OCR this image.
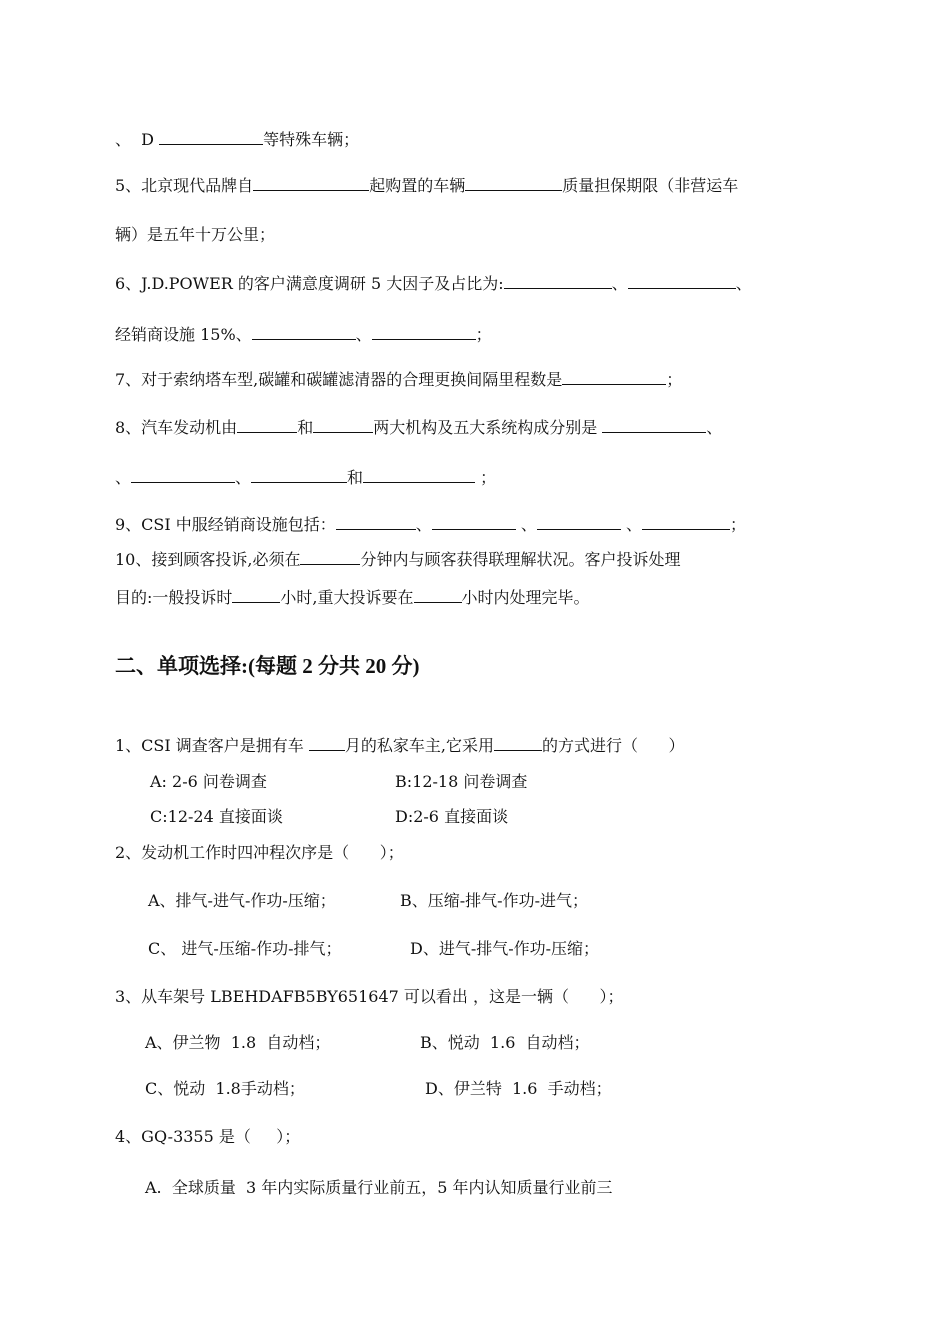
、  D	等特殊车辆；
5、北京现代品牌自	起购置的车辆	质量担保期限（非营运车
辆）是五年十万公里；
6、J.D.POWER 的客户满意度调研 5 大因子及占比为:	、	、
经销商设施 15%、	、	；
7、对于索纳塔车型,碳罐和碳罐滤清器的合理更换间隔里程数是	；
8、汽车发动机由	和	两大机构及五大系统构成分别是	、
、	、	和	；
9、CSI 中服经销商设施包括：	、	、	、	；
10、接到顾客投诉,必须在	分钟内与顾客获得联理解状况。客户投诉处理
目的:一般投诉时	小时,重大投诉要在	小时内处理完毕。
二、单项选择:(每题 2 分共 20 分)
1、CSI 调查客户是拥有车 月的私家车主,它采用	的方式进行（      ）
A: 2-6 问卷调查	B:12-18 问卷调查
C:12-24 直接面谈	D:2-6 直接面谈
2、发动机工作时四冲程次序是（      ）；
A、排气-进气-作功-压缩；	B、压缩-排气-作功-进气；
C、 进气-压缩-作功-排气；	D、进气-排气-作功-压缩；
3、从车架号 LBEHDAFB5BY651647 可以看出 ，这是一辆（      ）；
A、伊兰物  1.8  自动档；	B、悦动  1.6  自动档；
C、悦动  1.8手动档；	D、伊兰特  1.6  手动档；
4、GQ-3355 是（     ）；
A.  全球质量  3 年内实际质量行业前五，5 年内认知质量行业前三
